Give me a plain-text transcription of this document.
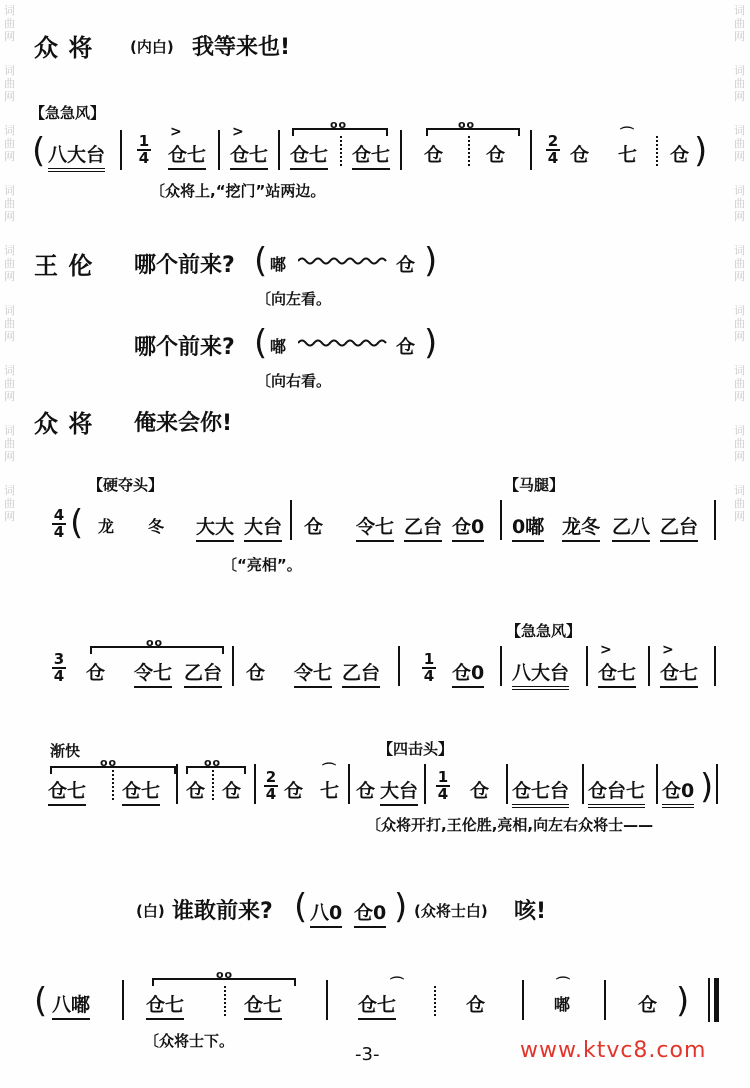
词曲网
词曲网
词曲网
词曲网
词曲网
词曲网
词曲网
词曲网
词曲网
词曲网
词曲网
词曲网
词曲网
词曲网
词曲网
词曲网
词曲网
词曲网
众 将 (内白) 我等来也!
【急急风】
( 八大台 $\frac{1}{4}$
>
仓七
>
仓七
oo
仓七 仓七
oo
仓 仓	$\frac{2}{4}$ 仓
⌒
七 仓 )
〔众将上,“挖门”站两边。
王 伦 哪个前来? ( 嘟	仓 )
〔向左看。
哪个前来? ( 嘟	仓 )
〔向右看。
众 将 俺来会你!
【硬夺头】	【马腿】
$\frac{4}{4}$ ( 龙 冬 大大 大台 仓 令七 乙台 仓0 0嘟 龙冬 乙八 乙台
〔“亮相”。
【急急风】
$\frac{3}{4}$
oo
仓 令七 乙台 仓 令七 乙台	$\frac{1}{4}$ 仓0 八大台
>
仓七
>
仓七
渐快	【四击头】
oo
仓七 仓七
oo
仓 仓 $\frac{2}{4}$ 仓
⌒
七 仓 大台 $\frac{1}{4}$ 仓 仓七台 仓台七 仓0 )
〔众将开打,王伦胜,亮相,向左右众将士——
(白) 谁敢前来? ( 八0 仓0 ) (众将士白) 咳!
( 八嘟
oo
仓七	仓七
⌒
仓七	仓
⌒
嘟	仓 )
〔众将士下。
-3-	www.ktvc8.com
